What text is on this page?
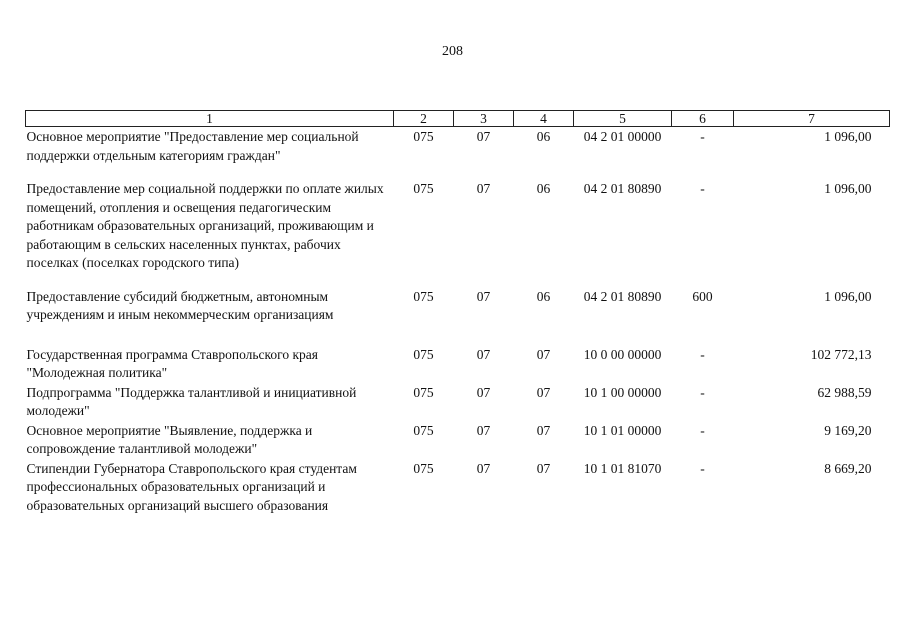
208
1	2	3	4	5	6	7
Основное мероприятие "Предоставление мер социальной поддержки отдельным категориям граждан"	075	07	06	04 2 01 00000	-	1 096,00
Предоставление мер социальной поддержки по оплате жилых помещений, отопления и освещения педагогическим работникам образовательных организаций, проживающим и работающим в сельских населенных пунктах, рабочих поселках (поселках городского типа)	075	07	06	04 2 01 80890	-	1 096,00
Предоставление субсидий бюджетным, автономным учреждениям и иным некоммерческим организациям	075	07	06	04 2 01 80890	600	1 096,00
Государственная программа Ставропольского края "Молодежная политика"	075	07	07	10 0 00 00000	-	102 772,13
Подпрограмма "Поддержка талантливой и инициативной молодежи"	075	07	07	10 1 00 00000	-	62 988,59
Основное мероприятие "Выявление, поддержка и сопровождение талантливой молодежи"	075	07	07	10 1 01 00000	-	9 169,20
Стипендии Губернатора Ставропольского края студентам профессиональных образовательных организаций и образовательных организаций высшего образования	075	07	07	10 1 01 81070	-	8 669,20
